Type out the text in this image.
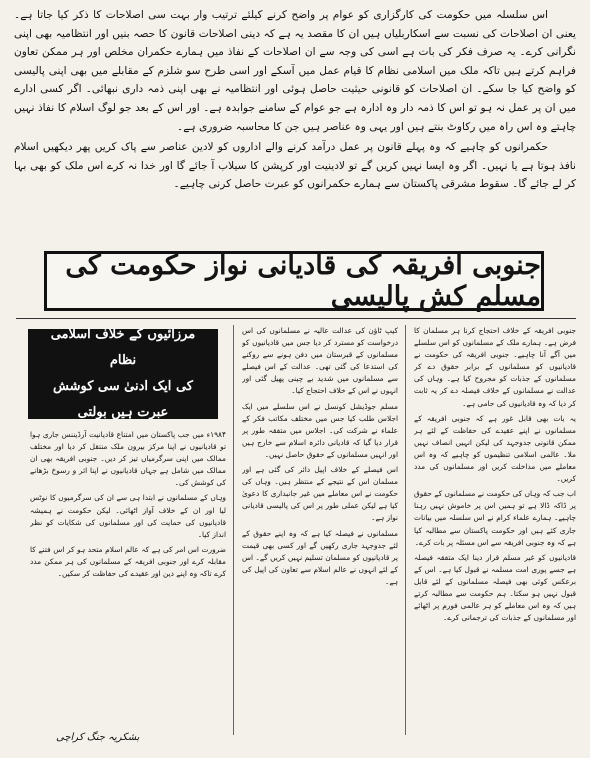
اس سلسلہ میں حکومت کی کارگزاری کو عوام پر واضح کرنے کیلئے ترتیب وار بہت سی اصلاحات کا ذکر کیا جاتا ہے۔ یعنی ان اصلاحات کی نسبت سے اسکاربلیاں ہیں ان کا مقصد یہ ہے کہ دینی اصلاحات قانون کا حصہ بنیں اور انتظامیہ بھی اپنی نگرانی کرے۔ یہ صرف فکر کی بات ہے اسی کی وجہ سے ان اصلاحات کے نفاذ میں ہمارے حکمران مخلص اور ہر ممکن تعاون فراہم کرتے ہیں تاکہ ملک میں اسلامی نظام کا قیام عمل میں آسکے اور اسی طرح سو شلزم کے مقابلے میں بھی اپنی پالیسی کو واضح کیا جا سکے۔ ان اصلاحات کو قانونی حیثیت حاصل ہوئی اور انتظامیہ نے بھی اپنی ذمہ داری نبھائی۔ اگر کسی ادارے میں ان پر عمل نہ ہو تو اس کا ذمہ دار وہ ادارہ ہے جو عوام کے سامنے جوابدہ ہے۔ اور اس کے بعد جو لوگ اسلام کا نفاذ نہیں چاہتے وہ اس راہ میں رکاوٹ بنتے ہیں اور یہی وہ عناصر ہیں جن کا محاسبہ ضروری ہے۔

حکمرانوں کو چاہیے کہ وہ پہلے قانون پر عمل درآمد کرنے والے اداروں کو لادین عناصر سے پاک کریں پھر دیکھیں اسلام نافذ ہوتا ہے یا نہیں۔ اگر وہ ایسا نہیں کریں گے تو لادینیت اور کرپشن کا سیلاب آ جائے گا اور خدا نہ کرے اس ملک کو بھی بہا کر لے جائے گا۔ سقوط مشرقی پاکستان سے ہمارے حکمرانوں کو عبرت حاصل کرنی چاہیے۔

جنوبی افریقہ کی قادیانی نواز حکومت کی مسلم کش پالیسی

جنوبی افریقہ کے خلاف احتجاج کرنا ہر مسلمان کا فرض ہے۔ ہمارے ملک کے مسلمانوں کو اس سلسلے میں آگے آنا چاہیے۔ جنوبی افریقہ کی حکومت نے قادیانیوں کو مسلمانوں کے برابر حقوق دے کر مسلمانوں کے جذبات کو مجروح کیا ہے۔ وہاں کی عدالت نے مسلمانوں کے خلاف فیصلہ دے کر یہ ثابت کر دیا کہ وہ قادیانیوں کی حامی ہے۔

یہ بات بھی قابل غور ہے کہ جنوبی افریقہ کے مسلمانوں نے اپنے عقیدے کی حفاظت کے لئے ہر ممکن قانونی جدوجہد کی لیکن انہیں انصاف نہیں ملا۔ عالمی اسلامی تنظیموں کو چاہیے کہ وہ اس معاملے میں مداخلت کریں اور مسلمانوں کی مدد کریں۔

اب جب کہ وہاں کی حکومت نے مسلمانوں کے حقوق پر ڈاکہ ڈالا ہے تو ہمیں اس پر خاموش نہیں رہنا چاہیے۔ ہمارے علماء کرام نے اس سلسلہ میں بیانات جاری کئے ہیں اور حکومت پاکستان سے مطالبہ کیا ہے کہ وہ جنوبی افریقہ سے اس مسئلہ پر بات کرے۔

قادیانیوں کو غیر مسلم قرار دینا ایک متفقہ فیصلہ ہے جسے پوری امت مسلمہ نے قبول کیا ہے۔ اس کے برعکس کوئی بھی فیصلہ مسلمانوں کے لئے قابل قبول نہیں ہو سکتا۔ ہم حکومت سے مطالبہ کرتے ہیں کہ وہ اس معاملے کو ہر عالمی فورم پر اٹھائے اور مسلمانوں کے جذبات کی ترجمانی کرے۔

کیپ ٹاؤن کی عدالت عالیہ نے مسلمانوں کی اس درخواست کو مسترد کر دیا جس میں قادیانیوں کو مسلمانوں کے قبرستان میں دفن ہونے سے روکنے کی استدعا کی گئی تھی۔ عدالت کے اس فیصلے سے مسلمانوں میں شدید بے چینی پھیل گئی اور انہوں نے اس کے خلاف احتجاج کیا۔

مسلم جوڈیشل کونسل نے اس سلسلے میں ایک اجلاس طلب کیا جس میں مختلف مکاتب فکر کے علماء نے شرکت کی۔ اجلاس میں متفقہ طور پر قرار دیا گیا کہ قادیانی دائرہ اسلام سے خارج ہیں اور انہیں مسلمانوں کے حقوق حاصل نہیں۔

اس فیصلے کے خلاف اپیل دائر کی گئی ہے اور مسلمان اس کے نتیجے کے منتظر ہیں۔ وہاں کی حکومت نے اس معاملے میں غیر جانبداری کا دعویٰ کیا ہے لیکن عملی طور پر اس کی پالیسی قادیانی نواز ہے۔

مسلمانوں نے فیصلہ کیا ہے کہ وہ اپنے حقوق کے لئے جدوجہد جاری رکھیں گے اور کسی بھی قیمت پر قادیانیوں کو مسلمان تسلیم نہیں کریں گے۔ اس کے لئے انہوں نے عالم اسلام سے تعاون کی اپیل کی ہے۔

مرزائیوں کے خلاف اسلامی نظام
کی ایک ادنیٰ سی کوشش
عبرت ہیں بولتی

۱۹۸۴ء میں جب پاکستان میں امتناع قادیانیت آرڈیننس جاری ہوا تو قادیانیوں نے اپنا مرکز بیرون ملک منتقل کر دیا اور مختلف ممالک میں اپنی سرگرمیاں تیز کر دیں۔ جنوبی افریقہ بھی ان ممالک میں شامل ہے جہاں قادیانیوں نے اپنا اثر و رسوخ بڑھانے کی کوشش کی۔

وہاں کے مسلمانوں نے ابتدا ہی سے ان کی سرگرمیوں کا نوٹس لیا اور ان کے خلاف آواز اٹھائی۔ لیکن حکومت نے ہمیشہ قادیانیوں کی حمایت کی اور مسلمانوں کی شکایات کو نظر انداز کیا۔

ضرورت اس امر کی ہے کہ عالم اسلام متحد ہو کر اس فتنے کا مقابلہ کرے اور جنوبی افریقہ کے مسلمانوں کی ہر ممکن مدد کرے تاکہ وہ اپنے دین اور عقیدے کی حفاظت کر سکیں۔

بشکریہ جنگ کراچی
